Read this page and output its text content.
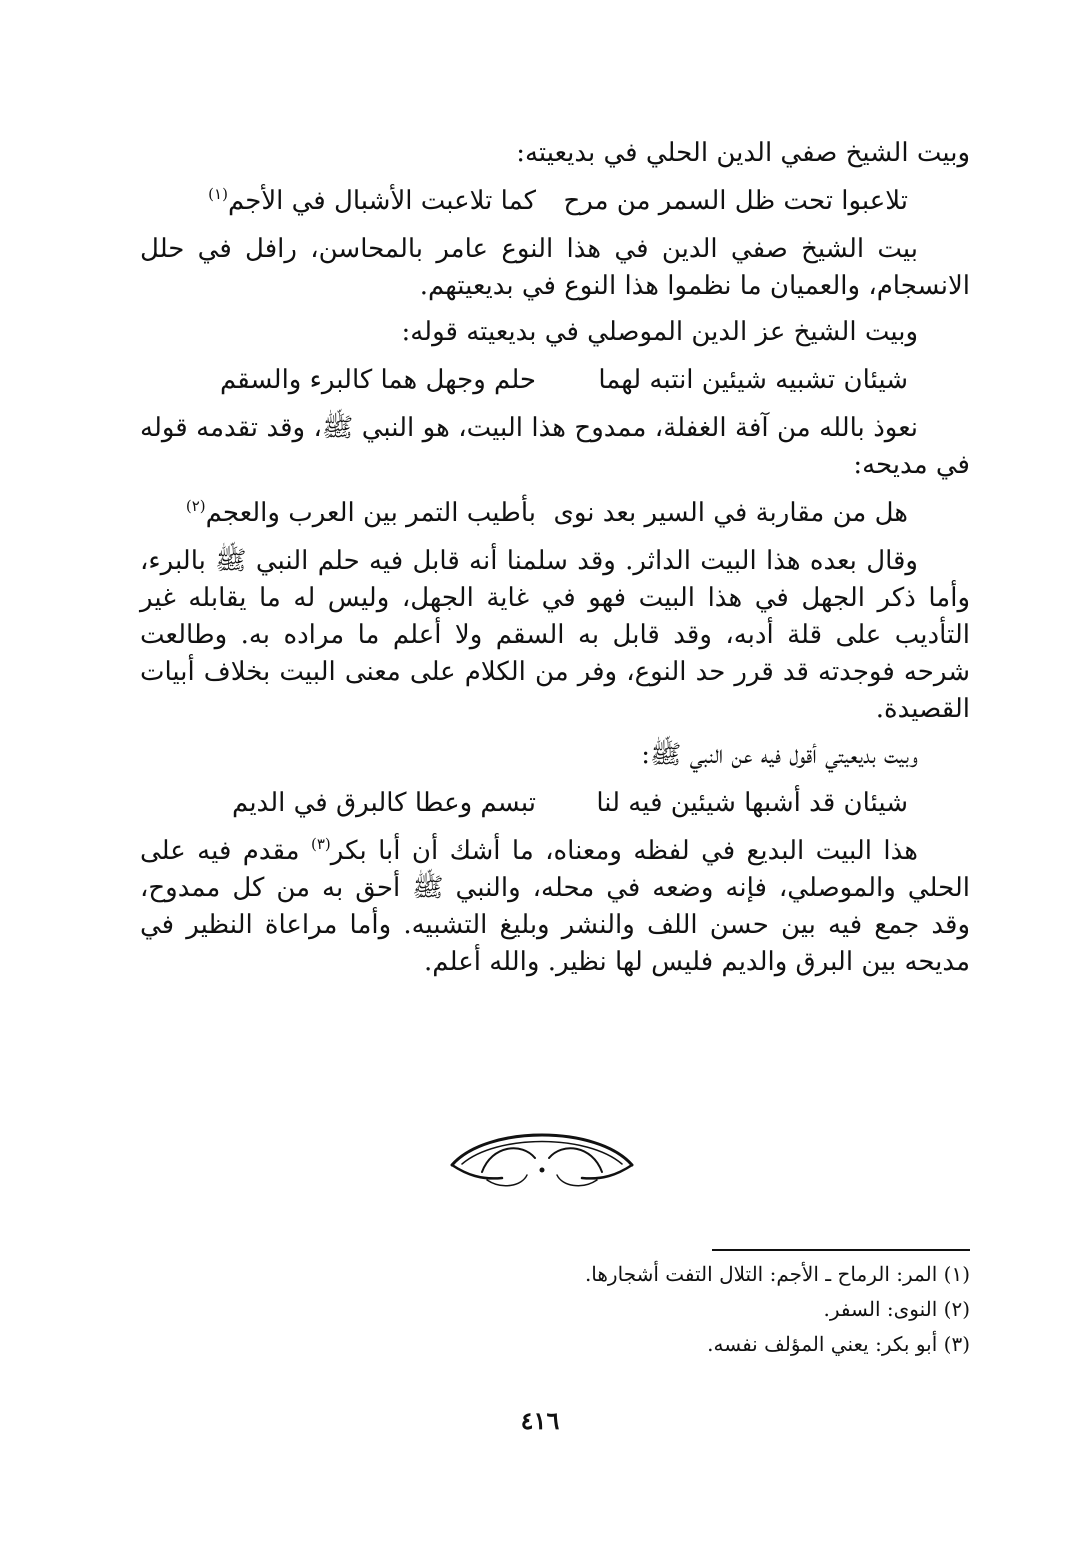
وبيت الشيخ صفي الدين الحلي في بديعيته:

تلاعبوا تحت ظل السمر من مرح
كما تلاعبت الأشبال في الأجم$^{(١)}$

بيت الشيخ صفي الدين في هذا النوع عامر بالمحاسن، رافل في حلل الانسجام، والعميان ما نظموا هذا النوع في بديعيتهم.

وبيت الشيخ عز الدين الموصلي في بديعيته قوله:

شيئان تشبيه شيئين انتبه لهما
حلم وجهل هما كالبرء والسقم

نعوذ بالله من آفة الغفلة، ممدوح هذا البيت، هو النبي ﷺ، وقد تقدمه قوله في مديحه:

هل من مقاربة في السير بعد نوى
بأطيب التمر بين العرب والعجم$^{(٢)}$

وقال بعده هذا البيت الداثر. وقد سلمنا أنه قابل فيه حلم النبي ﷺ بالبرء، وأما ذكر الجهل في هذا البيت فهو في غاية الجهل، وليس له ما يقابله غير التأديب على قلة أدبه، وقد قابل به السقم ولا أعلم ما مراده به. وطالعت شرحه فوجدته قد قرر حد النوع، وفر من الكلام على معنى البيت بخلاف أبيات القصيدة.

وبيت بديعيتي أقول فيه عن النبي ﷺ:

شيئان قد أشبها شيئين فيه لنا
تبسم وعطا كالبرق في الديم

هذا البيت البديع في لفظه ومعناه، ما أشك أن أبا بكر$^{(٣)}$ مقدم فيه على الحلي والموصلي، فإنه وضعه في محله، والنبي ﷺ أحق به من كل ممدوح، وقد جمع فيه بين حسن اللف والنشر وبليغ التشبيه. وأما مراعاة النظير في مديحه بين البرق والديم فليس لها نظير. والله أعلم.

(١) المر: الرماح ـ الأجم: التلال التفت أشجارها.

(٢) النوى: السفر.

(٣) أبو بكر: يعني المؤلف نفسه.

٤١٦
